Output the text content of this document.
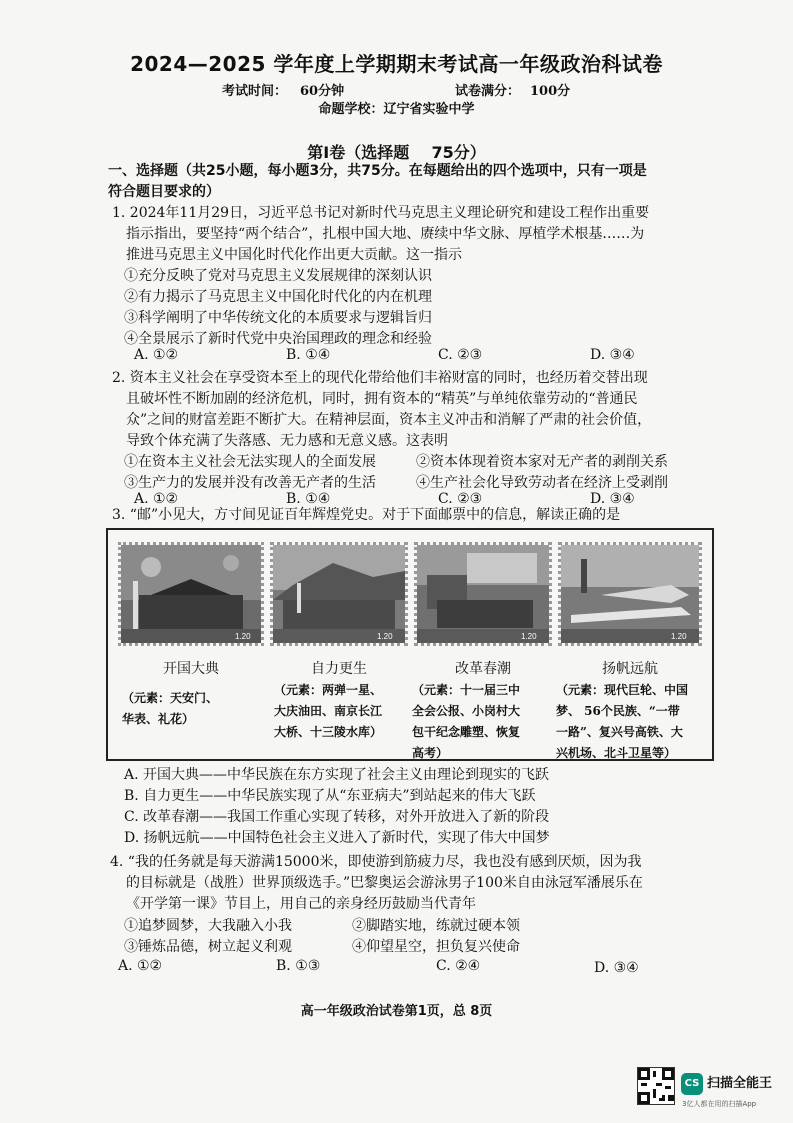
2024—2025 学年度上学期期末考试高一年级政治科试卷
考试时间： 60分钟	试卷满分： 100分
命题学校：辽宁省实验中学
第Ⅰ卷（选择题    75分）
一、选择题（共25小题，每小题3分，共75分。在每题给出的四个选项中，只有一项是
符合题目要求的）
1. 2024年11月29日，习近平总书记对新时代马克思主义理论研究和建设工程作出重要
指示指出，要坚持“两个结合”，扎根中国大地、赓续中华文脉、厚植学术根基……为
推进马克思主义中国化时代化作出更大贡献。这一指示
①充分反映了党对马克思主义发展规律的深刻认识
②有力揭示了马克思主义中国化时代化的内在机理
③科学阐明了中华传统文化的本质要求与逻辑旨归
④全景展示了新时代党中央治国理政的理念和经验
A. ①②	B. ①④	C. ②③	D. ③④
2. 资本主义社会在享受资本至上的现代化带给他们丰裕财富的同时，也经历着交替出现
且破坏性不断加剧的经济危机，同时，拥有资本的“精英”与单纯依靠劳动的“普通民
众”之间的财富差距不断扩大。在精神层面，资本主义冲击和消解了严肃的社会价值，
导致个体充满了失落感、无力感和无意义感。这表明
①在资本主义社会无法实现人的全面发展	②资本体现着资本家对无产者的剥削关系
③生产力的发展并没有改善无产者的生活	④生产社会化导致劳动者在经济上受剥削
A. ①②	B. ①④	C. ②③	D. ③④
3. “邮”小见大，方寸间见证百年辉煌党史。对于下面邮票中的信息，解读正确的是
1.20	1.20	1.20	1.20
开国大典	自力更生	改革春潮	扬帆远航
（元素：天安门、
华表、礼花）
（元素：两弹一星、
大庆油田、南京长江
大桥、十三陵水库）
（元素：十一届三中
全会公报、小岗村大
包干纪念雕塑、恢复
高考）
（元素：现代巨轮、中国
梦、 56个民族、“一带
一路”、复兴号高铁、大
兴机场、北斗卫星等）
A. 开国大典——中华民族在东方实现了社会主义由理论到现实的飞跃
B. 自力更生——中华民族实现了从“东亚病夫”到站起来的伟大飞跃
C. 改革春潮——我国工作重心实现了转移，对外开放进入了新的阶段
D. 扬帆远航——中国特色社会主义进入了新时代，实现了伟大中国梦
4. “我的任务就是每天游满15000米，即使游到筋疲力尽，我也没有感到厌烦，因为我
的目标就是（战胜）世界顶级选手。”巴黎奥运会游泳男子100米自由泳冠军潘展乐在
《开学第一课》节目上，用自己的亲身经历鼓励当代青年
①追梦圆梦，大我融入小我	②脚踏实地，练就过硬本领
③锤炼品德，树立起义利观	④仰望星空，担负复兴使命
A. ①②	B. ①③	C. ②④	D. ③④
高一年级政治试卷第1页，总 8页
CS 扫描全能王
3亿人都在用的扫描App
